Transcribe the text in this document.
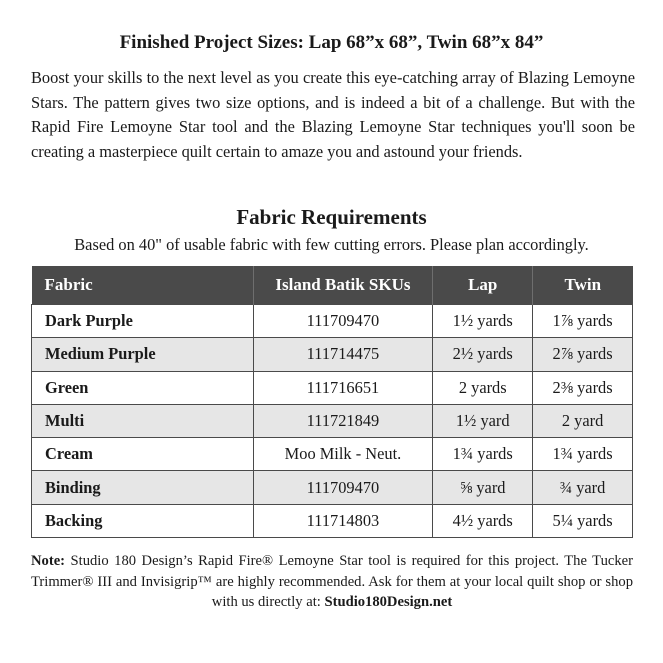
Finished Project Sizes: Lap 68”x 68”, Twin 68”x 84”

Boost your skills to the next level as you create this eye-catching array of Blazing Lemoyne Stars. The pattern gives two size options, and is indeed a bit of a challenge. But with the Rapid Fire Lemoyne Star tool and the Blazing Lemoyne Star techniques you'll soon be creating a masterpiece quilt certain to amaze you and astound your friends.

Fabric Requirements

Based on 40" of usable fabric with few cutting errors. Please plan accordingly.

Fabric	Island Batik SKUs	Lap	Twin
Dark Purple	111709470	1½ yards	1⅞ yards
Medium Purple	111714475	2½ yards	2⅞ yards
Green	111716651	2 yards	2⅜ yards
Multi	111721849	1½ yard	2 yard
Cream	Moo Milk - Neut.	1¾ yards	1¾ yards
Binding	111709470	⅝ yard	¾ yard
Backing	111714803	4½ yards	5¼ yards

Note: Studio 180 Design’s Rapid Fire® Lemoyne Star tool is required for this project. The Tucker Trimmer® III and Invisigrip™ are highly recommended. Ask for them at your local quilt shop or shop with us directly at: Studio180Design.net
